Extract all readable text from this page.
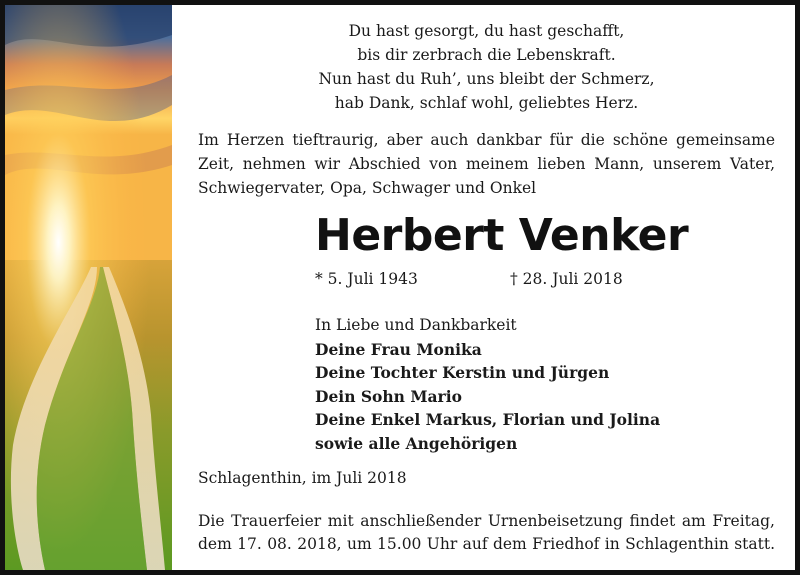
Du hast gesorgt, du hast geschafft,
bis dir zerbrach die Lebenskraft.
Nun hast du Ruh’, uns bleibt der Schmerz,
hab Dank, schlaf wohl, geliebtes Herz.
Im Herzen tieftraurig, aber auch dankbar für die schöne gemeinsame
Zeit, nehmen wir Abschied von meinem lieben Mann, unserem Vater,
Schwiegervater, Opa, Schwager und Onkel
Herbert Venker
* 5. Juli 1943	† 28. Juli 2018
In Liebe und Dankbarkeit
Deine Frau Monika
Deine Tochter Kerstin und Jürgen
Dein Sohn Mario
Deine Enkel Markus, Florian und Jolina
sowie alle Angehörigen
Schlagenthin, im Juli 2018
Die Trauerfeier mit anschließender Urnenbeisetzung findet am Freitag,
dem 17. 08. 2018, um 15.00 Uhr auf dem Friedhof in Schlagenthin statt.
